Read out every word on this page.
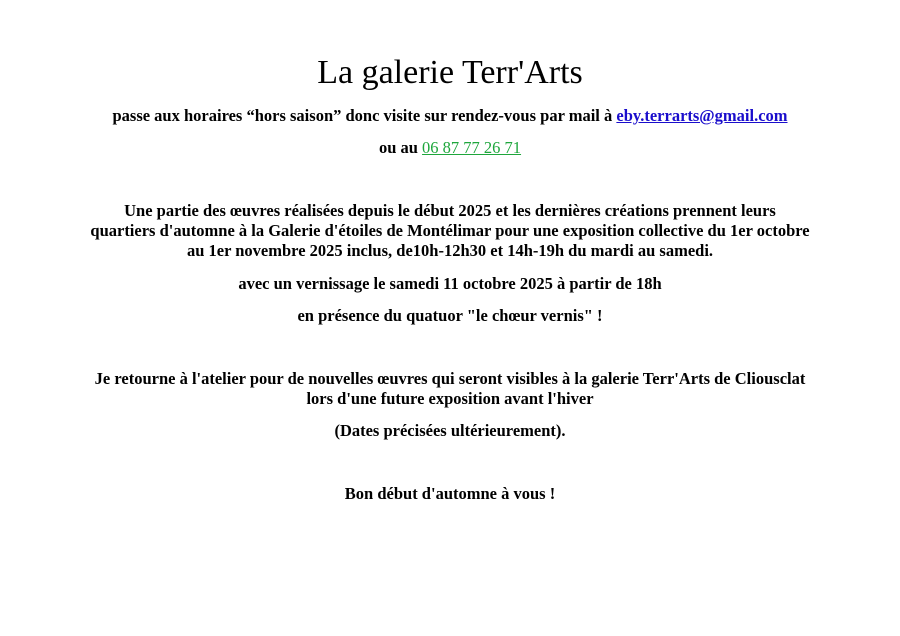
La galerie Terr'Arts

passe aux horaires “hors saison” donc visite sur rendez-vous par mail à eby.terrarts@gmail.com

ou au 06 87 77 26 71

Une partie des œuvres réalisées depuis le début 2025 et les dernières créations prennent leurs
quartiers d'automne à la Galerie d'étoiles de Montélimar pour une exposition collective du 1er octobre
au 1er novembre 2025 inclus, de10h-12h30 et 14h-19h du mardi au samedi.

avec un vernissage le samedi 11 octobre 2025 à partir de 18h

en présence du quatuor "le chœur vernis" !

Je retourne à l'atelier pour de nouvelles œuvres qui seront visibles à la galerie Terr'Arts de Cliousclat
lors d'une future exposition avant l'hiver

(Dates précisées ultérieurement).

Bon début d'automne à vous !
